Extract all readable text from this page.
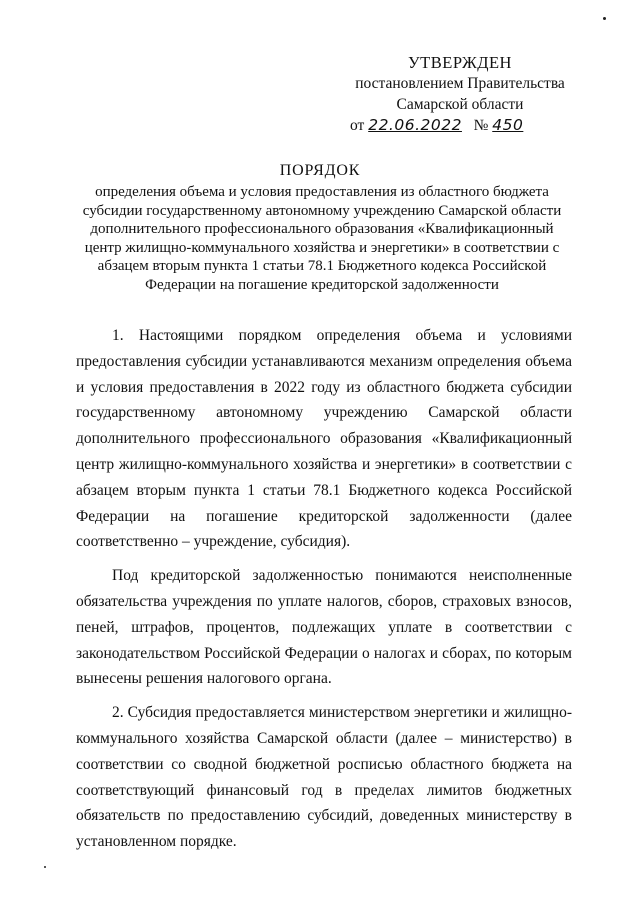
УТВЕРЖДЕН
постановлением Правительства
Самарской области
от 22.06.2022 № 450
ПОРЯДОК
определения объема и условия предоставления из областного бюджета субсидии государственному автономному учреждению Самарской области дополнительного профессионального образования «Квалификационный центр жилищно-коммунального хозяйства и энергетики» в соответствии с абзацем вторым пункта 1 статьи 78.1 Бюджетного кодекса Российской Федерации на погашение кредиторской задолженности

1. Настоящими порядком определения объема и условиями предоставления субсидии устанавливаются механизм определения объема и условия предоставления в 2022 году из областного бюджета субсидии государственному автономному учреждению Самарской области дополнительного профессионального образования «Квалификационный центр жилищно-коммунального хозяйства и энергетики» в соответствии с абзацем вторым пункта 1 статьи 78.1 Бюджетного кодекса Российской Федерации на погашение кредиторской задолженности (далее соответственно – учреждение, субсидия).

Под кредиторской задолженностью понимаются неисполненные обязательства учреждения по уплате налогов, сборов, страховых взносов, пеней, штрафов, процентов, подлежащих уплате в соответствии с законодательством Российской Федерации о налогах и сборах, по которым вынесены решения налогового органа.

2. Субсидия предоставляется министерством энергетики и жилищно-коммунального хозяйства Самарской области (далее – министерство) в соответствии со сводной бюджетной росписью областного бюджета на соответствующий финансовый год в пределах лимитов бюджетных обязательств по предоставлению субсидий, доведенных министерству в установленном порядке.
